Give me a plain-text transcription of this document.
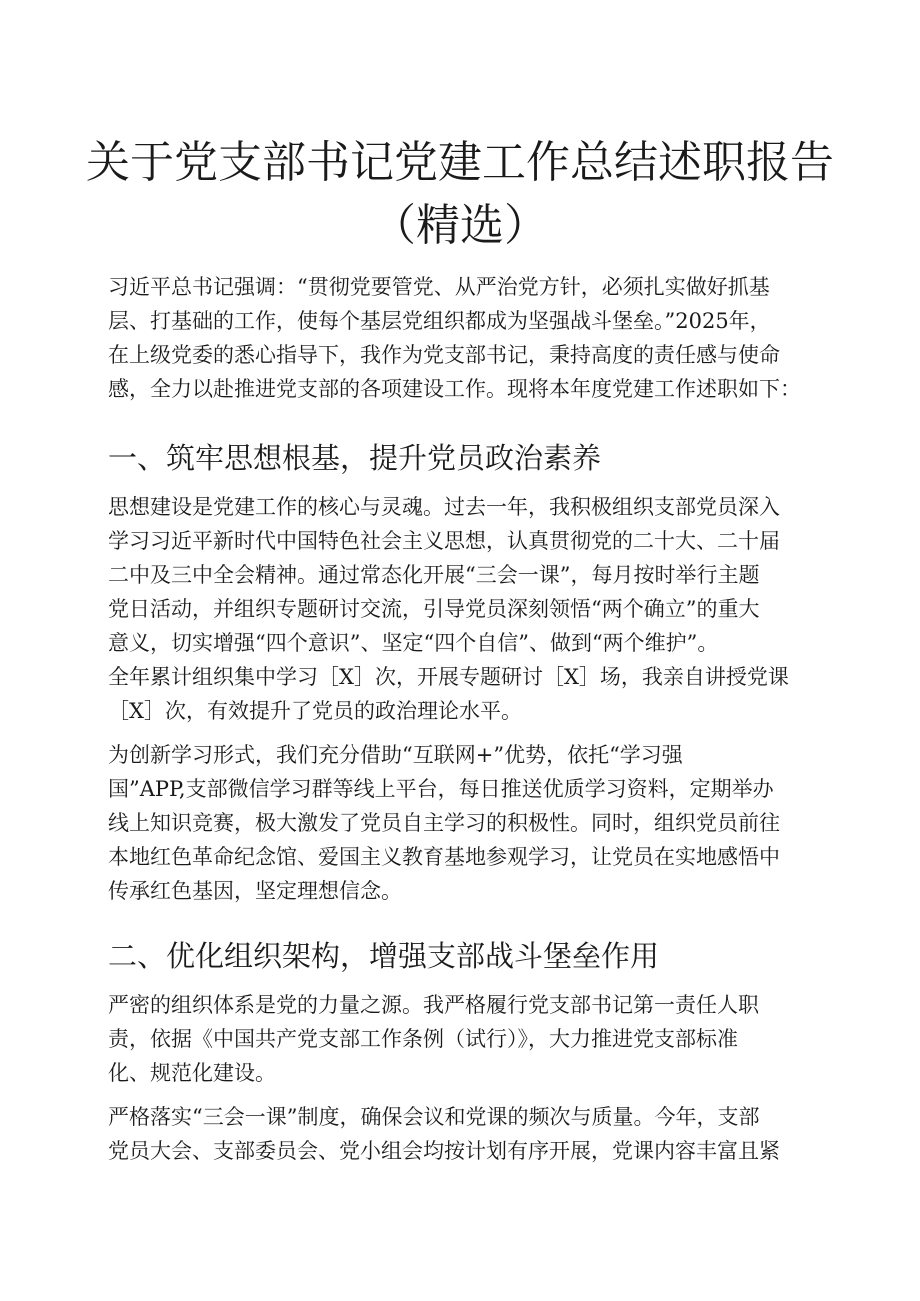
关于党支部书记党建工作总结述职报告
（精选）

习近平总书记强调：“贯彻党要管党、从严治党方针，必须扎实做好抓基
层、打基础的工作，使每个基层党组织都成为坚强战斗堡垒。”2025年，
在上级党委的悉心指导下，我作为党支部书记，秉持高度的责任感与使命
感，全力以赴推进党支部的各项建设工作。现将本年度党建工作述职如下：

一、筑牢思想根基，提升党员政治素养

思想建设是党建工作的核心与灵魂。过去一年，我积极组织支部党员深入
学习习近平新时代中国特色社会主义思想，认真贯彻党的二十大、二十届
二中及三中全会精神。通过常态化开展“三会一课”，每月按时举行主题
党日活动，并组织专题研讨交流，引导党员深刻领悟“两个确立”的重大
意义，切实增强“四个意识”、坚定“四个自信”、做到“两个维护”。
全年累计组织集中学习［X］次，开展专题研讨［X］场，我亲自讲授党课
［X］次，有效提升了党员的政治理论水平。

为创新学习形式，我们充分借助“互联网+”优势，依托“学习强
国”APP,支部微信学习群等线上平台，每日推送优质学习资料，定期举办
线上知识竞赛，极大激发了党员自主学习的积极性。同时，组织党员前往
本地红色革命纪念馆、爱国主义教育基地参观学习，让党员在实地感悟中
传承红色基因，坚定理想信念。

二、优化组织架构，增强支部战斗堡垒作用

严密的组织体系是党的力量之源。我严格履行党支部书记第一责任人职
责，依据《中国共产党支部工作条例（试行）》，大力推进党支部标准
化、规范化建设。

严格落实“三会一课”制度，确保会议和党课的频次与质量。今年，支部
党员大会、支部委员会、党小组会均按计划有序开展，党课内容丰富且紧
